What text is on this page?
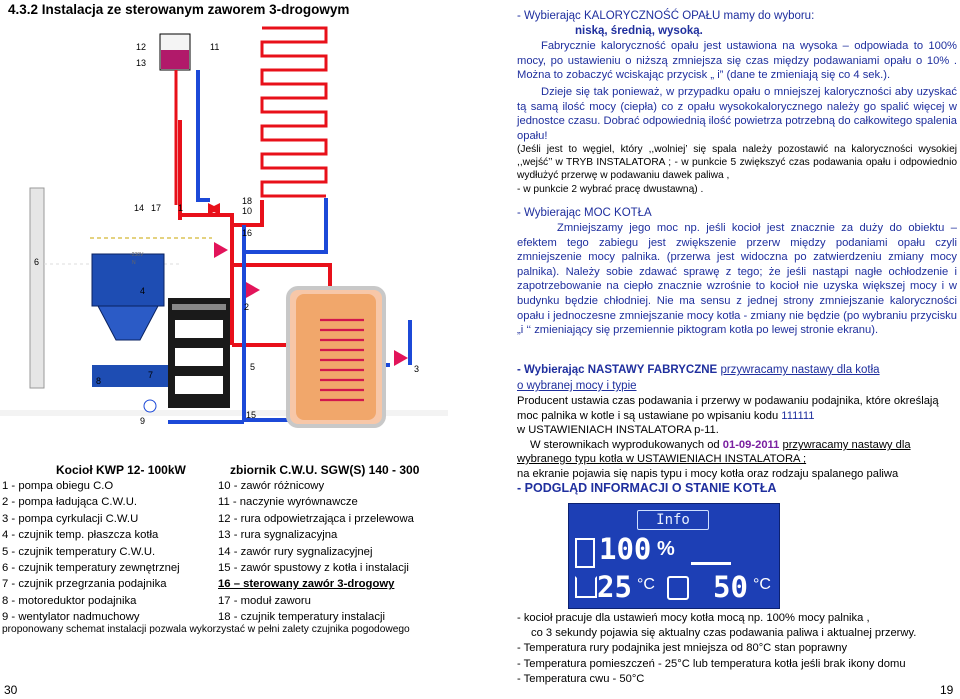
4.3.2 Instalacja ze sterowanym zaworem 3-drogowym
12
13
11
14 17 1
18
10
16
6
4
2
8
7
5	3
9
15
-230V
N
Kocioł KWP 12- 100kW	zbiornik C.W.U. SGW(S) 140 - 300
1 - pompa obiegu C.O	10 - zawór różnicowy
2 - pompa ładująca C.W.U.	11 - naczynie wyrównawcze
3 - pompa cyrkulacji C.W.U	12 - rura odpowietrzająca i przelewowa
4 - czujnik temp. płaszcza kotła	13 - rura sygnalizacyjna
5 - czujnik temperatury C.W.U.	14 - zawór rury sygnalizacyjnej
6 - czujnik temperatury zewnętrznej	15 - zawór spustowy z kotła i instalacji
7 - czujnik przegrzania podajnika	16 – sterowany zawór 3-drogowy
8 - motoreduktor podajnika	17 - moduł zaworu
9 - wentylator nadmuchowy	18 - czujnik temperatury instalacji
proponowany schemat instalacji pozwala wykorzystać w pełni zalety czujnika pogodowego
30	19
- Wybierając KALORYCZNOŚĆ OPAŁU mamy do wyboru:
niską, średnią, wysoką.
Fabrycznie kaloryczność opału jest ustawiona na wysoka – odpowiada to 100% mocy, po ustawieniu o niższą zmniejsza się czas między podawaniami opału o 10% . Można to zobaczyć wciskając przycisk „ i” (dane te zmieniają się co 4 sek.).
Dzieje się tak ponieważ, w przypadku opału o mniejszej kaloryczności aby uzyskać tą samą ilość mocy (ciepła) co z opału wysokokalorycznego należy go spalić więcej w jednostce czasu. Dobrać odpowiednią ilość powietrza potrzebną do całkowitego spalenia opału!
(Jeśli jest to węgiel, który ,,wolniej’ się spala należy pozostawić na kaloryczności wysokiej ,,wejść’’ w TRYB INSTALATORA ; - w punkcie 5 zwiększyć czas podawania opału i odpowiednio wydłużyć przerwę w podawaniu dawek paliwa ,
- w punkcie 2 wybrać pracę dwustawną) .
- Wybierając MOC KOTŁA
Zmniejszamy jego moc np. jeśli kocioł jest znacznie za duży do obiektu – efektem tego zabiegu jest zwiększenie przerw między podaniami opału czyli zmniejszenie mocy palnika. (przerwa jest widoczna po zatwierdzeniu zmiany mocy palnika). Należy sobie zdawać sprawę z tego; że jeśli nastąpi nagłe ochłodzenie i zapotrzebowanie na ciepło znacznie wzrośnie to kocioł nie uzyska większej mocy i w budynku będzie chłodniej. Nie ma sensu z jednej strony zmniejszanie kaloryczności opału i jednoczesne zmniejszanie mocy kotła - zmiany nie będzie (po wybraniu przycisku „i ‘‘ zmieniający się przemiennie piktogram kotła po lewej stronie ekranu).
- Wybierając NASTAWY FABRYCZNE przywracamy nastawy dla kotła
o wybranej mocy i typie
Producent ustawia czas podawania i przerwy w podawaniu podajnika, które określają moc palnika w kotle i są ustawiane po wpisaniu kodu 111111
w USTAWIENIACH INSTALATORA p-11.
W sterownikach wyprodukowanych od 01-09-2011 przywracamy nastawy dla
wybranego typu kotła w USTAWIENIACH INSTALATORA ;
na ekranie pojawia się napis typu i mocy kotła oraz rodzaju spalanego paliwa
- PODGLĄD INFORMACJI O STANIE KOTŁA
Info
100 %
25 °C 50 °C
- kocioł pracuje dla ustawień mocy kotła mocą np. 100% mocy palnika ,
co 3 sekundy pojawia się aktualny czas podawania paliwa i aktualnej przerwy.
- Temperatura rury podajnika jest mniejsza od 80°C stan poprawny
- Temperatura pomieszczeń - 25°C lub temperatura kotła jeśli brak ikony domu
- Temperatura cwu - 50°C
